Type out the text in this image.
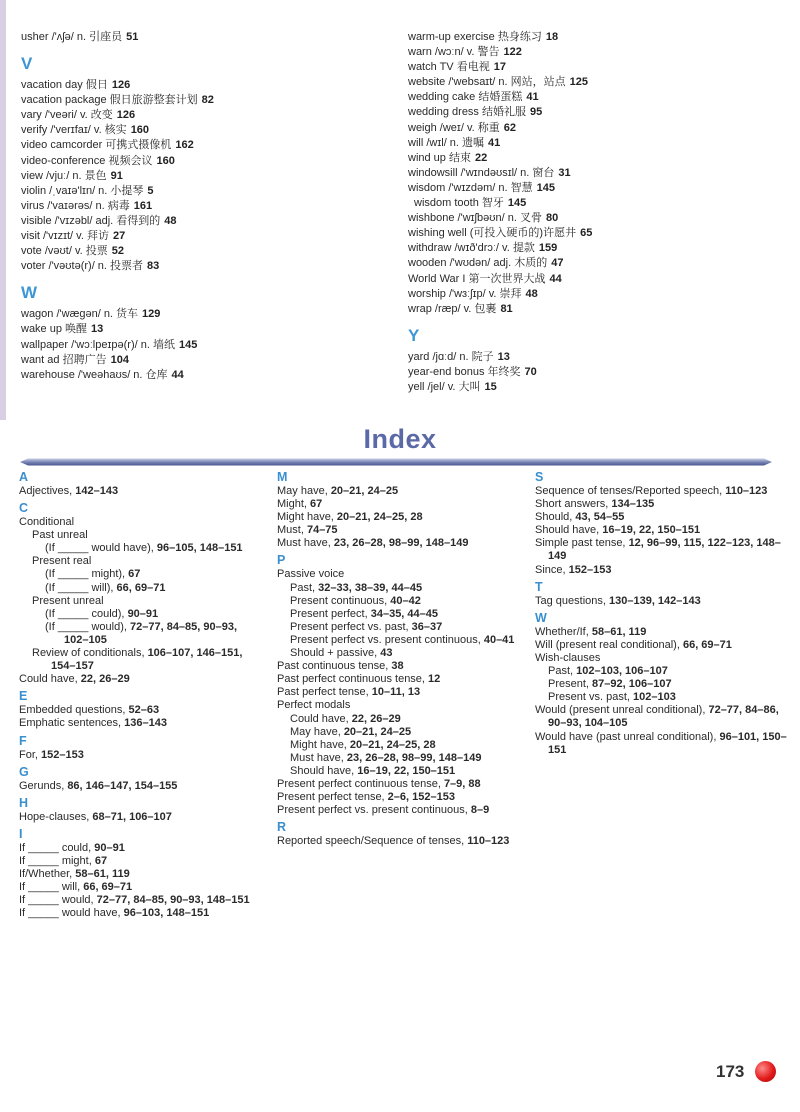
usher /'ʌʃə/ n. 引座员 51
V
vacation day 假日 126
vacation package 假日旅游整套计划 82
vary /'veəri/ v. 改变 126
verify /'verɪfaɪ/ v. 核实 160
video camcorder 可携式摄像机 162
video-conference 视频会议 160
view /vjuː/ n. 景色 91
violin /ˌvaɪə'lɪn/ n. 小提琴 5
virus /'vaɪərəs/ n. 病毒 161
visible /'vɪzəbl/ adj. 看得到的 48
visit /'vɪzɪt/ v. 拜访 27
vote /vəʊt/ v. 投票 52
voter /'vəʊtə(r)/ n. 投票者 83
W
wagon /'wægən/ n. 货车 129
wake up 唤醒 13
wallpaper /'wɔːlpeɪpə(r)/ n. 墙纸 145
want ad 招聘广告 104
warehouse /'weəhaʊs/ n. 仓库 44
warm-up exercise 热身练习 18
warn /wɔːn/ v. 警告 122
watch TV 看电视 17
website /'websaɪt/ n. 网站，站点 125
wedding cake 结婚蛋糕 41
wedding dress 结婚礼服 95
weigh /weɪ/ v. 称重 62
will /wɪl/ n. 遗嘱 41
wind up 结束 22
windowsill /'wɪndəʊsɪl/ n. 窗台 31
wisdom /'wɪzdəm/ n. 智慧 145
wisdom tooth 智牙 145
wishbone /'wɪʃbəʊn/ n. 叉骨 80
wishing well (可投入硬币的)许愿井 65
withdraw /wɪð'drɔː/ v. 提款 159
wooden /'wʊdən/ adj. 木质的 47
World War I 第一次世界大战 44
worship /'wɜːʃɪp/ v. 崇拜 48
wrap /ræp/ v. 包裹 81
Y
yard /jɑːd/ n. 院子 13
year-end bonus 年终奖 70
yell /jel/ v. 大叫 15
Index
A
Adjectives, 142–143
C
Conditional
Past unreal
(If _____ would have), 96–105, 148–151
Present real
(If _____ might), 67
(If _____ will), 66, 69–71
Present unreal
(If _____ could), 90–91
(If _____ would), 72–77, 84–85, 90–93, 102–105
Review of conditionals, 106–107, 146–151, 154–157
Could have, 22, 26–29
E
Embedded questions, 52–63
Emphatic sentences, 136–143
F
For, 152–153
G
Gerunds, 86, 146–147, 154–155
H
Hope-clauses, 68–71, 106–107
I
If _____ could, 90–91
If _____ might, 67
If/Whether, 58–61, 119
If _____ will, 66, 69–71
If _____ would, 72–77, 84–85, 90–93, 148–151
If _____ would have, 96–103, 148–151
M
May have, 20–21, 24–25
Might, 67
Might have, 20–21, 24–25, 28
Must, 74–75
Must have, 23, 26–28, 98–99, 148–149
P
Passive voice
Past, 32–33, 38–39, 44–45
Present continuous, 40–42
Present perfect, 34–35, 44–45
Present perfect vs. past, 36–37
Present perfect vs. present continuous, 40–41
Should + passive, 43
Past continuous tense, 38
Past perfect continuous tense, 12
Past perfect tense, 10–11, 13
Perfect modals
Could have, 22, 26–29
May have, 20–21, 24–25
Might have, 20–21, 24–25, 28
Must have, 23, 26–28, 98–99, 148–149
Should have, 16–19, 22, 150–151
Present perfect continuous tense, 7–9, 88
Present perfect tense, 2–6, 152–153
Present perfect vs. present continuous, 8–9
R
Reported speech/Sequence of tenses, 110–123
S
Sequence of tenses/Reported speech, 110–123
Short answers, 134–135
Should, 43, 54–55
Should have, 16–19, 22, 150–151
Simple past tense, 12, 96–99, 115, 122–123, 148–149
Since, 152–153
T
Tag questions, 130–139, 142–143
W
Whether/If, 58–61, 119
Will (present real conditional), 66, 69–71
Wish-clauses
Past, 102–103, 106–107
Present, 87–92, 106–107
Present vs. past, 102–103
Would (present unreal conditional), 72–77, 84–86, 90–93, 104–105
Would have (past unreal conditional), 96–101, 150–151
173
